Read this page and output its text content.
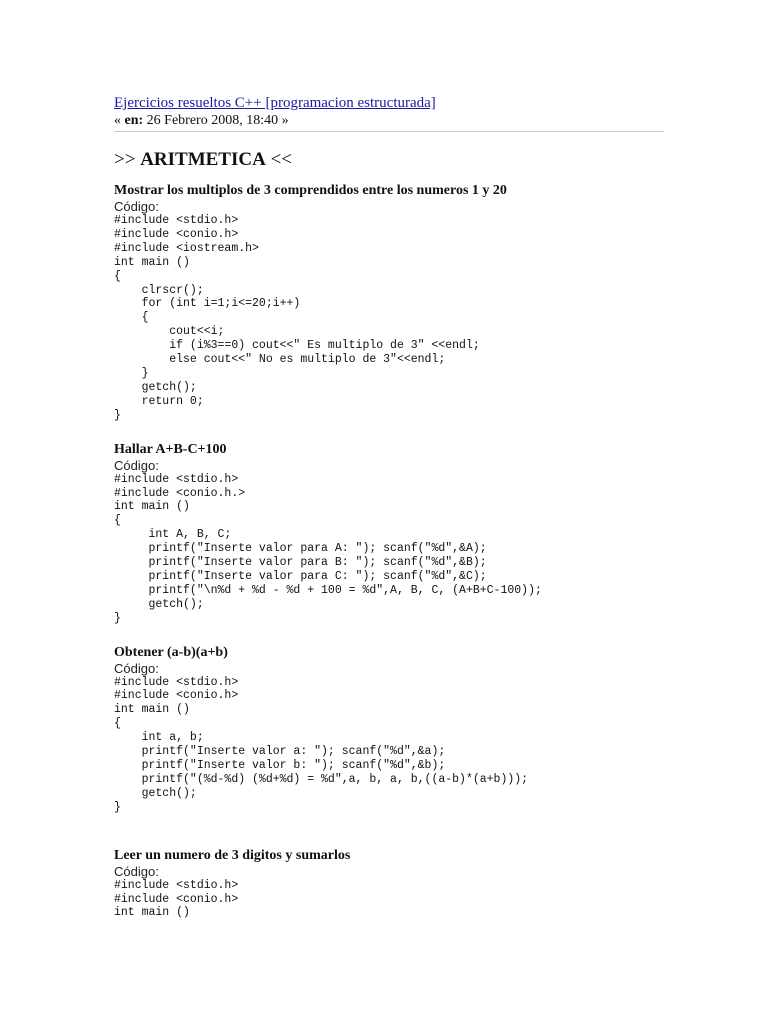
Ejercicios resueltos C++ [programacion estructurada]
« en: 26 Febrero 2008, 18:40 »
>> ARITMETICA <<
Mostrar los multiplos de 3 comprendidos entre los numeros 1 y 20
Código:
#include <stdio.h>
#include <conio.h>
#include <iostream.h>
int main ()
{
clrscr();
for (int i=1;i<=20;i++)
{
cout<<i;
if (i%3==0) cout<<" Es multiplo de 3" <<endl;
else cout<<" No es multiplo de 3"<<endl;
}
getch();
return 0;
}
Hallar A+B-C+100
Código:
#include <stdio.h>
#include <conio.h.>
int main ()
{
int A, B, C;
printf("Inserte valor para A: "); scanf("%d",&A);
printf("Inserte valor para B: "); scanf("%d",&B);
printf("Inserte valor para C: "); scanf("%d",&C);
printf("\n%d + %d - %d + 100 = %d",A, B, C, (A+B+C-100));
getch();
}
Obtener (a-b)(a+b)
Código:
#include <stdio.h>
#include <conio.h>
int main ()
{
int a, b;
printf("Inserte valor a: "); scanf("%d",&a);
printf("Inserte valor b: "); scanf("%d",&b);
printf("(%d-%d) (%d+%d) = %d",a, b, a, b,((a-b)*(a+b)));
getch();
}
Leer un numero de 3 digitos y sumarlos
Código:
#include <stdio.h>
#include <conio.h>
int main ()
